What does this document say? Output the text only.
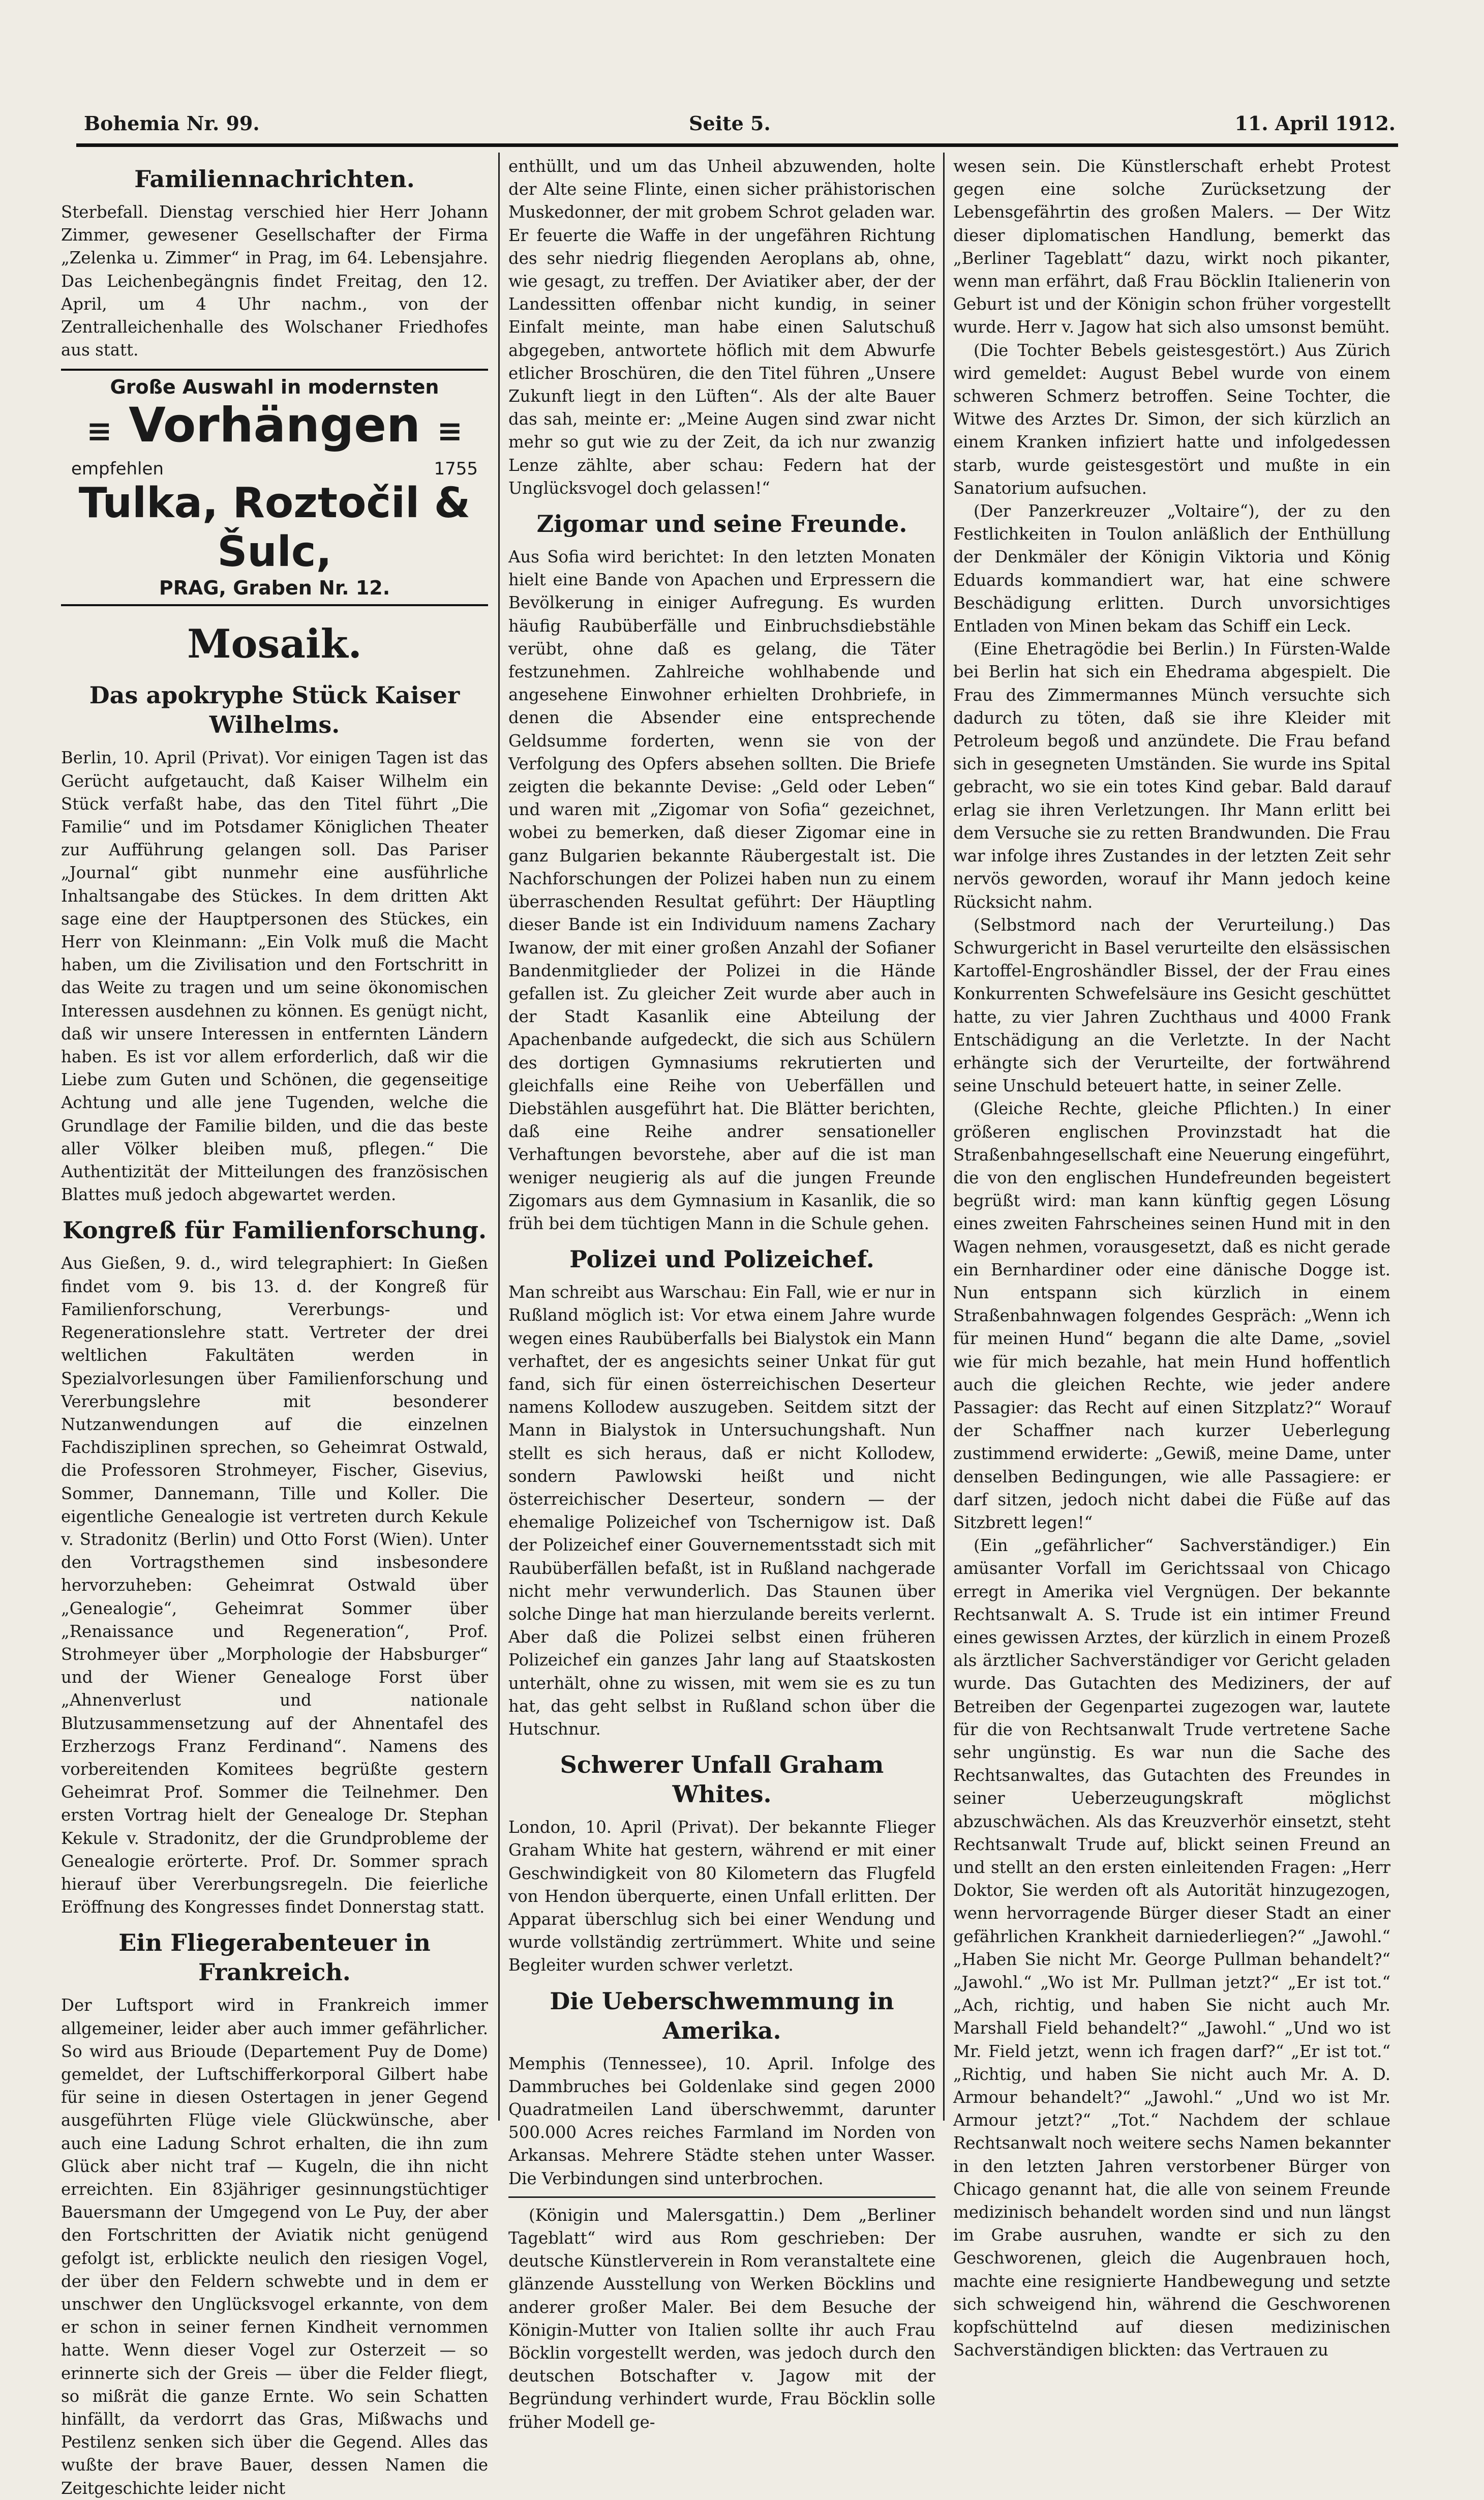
Bohemia Nr. 99.	Seite 5.	11. April 1912.
Familiennachrichten.

Sterbefall. Dienstag verschied hier Herr Johann Zimmer, gewesener Gesellschafter der Firma „Zelenka u. Zimmer“ in Prag, im 64. Lebensjahre. Das Leichenbegängnis findet Freitag, den 12. April, um 4 Uhr nachm., von der Zentralleichenhalle des Wolschaner Friedhofes aus statt.

Große Auswahl in modernsten
≡ Vorhängen ≡
empfehlen	1755
Tulka, Roztočil & Šulc,
PRAG, Graben Nr. 12.
Mosaik.
Das apokryphe Stück Kaiser Wilhelms.

Berlin, 10. April (Privat). Vor einigen Tagen ist das Gerücht aufgetaucht, daß Kaiser Wilhelm ein Stück verfaßt habe, das den Titel führt „Die Familie“ und im Potsdamer Königlichen Theater zur Aufführung gelangen soll. Das Pariser „Journal“ gibt nunmehr eine ausführliche Inhaltsangabe des Stückes. In dem dritten Akt sage eine der Hauptpersonen des Stückes, ein Herr von Kleinmann: „Ein Volk muß die Macht haben, um die Zivilisation und den Fortschritt in das Weite zu tragen und um seine ökonomischen Interessen ausdehnen zu können. Es genügt nicht, daß wir unsere Interessen in entfernten Ländern haben. Es ist vor allem erforderlich, daß wir die Liebe zum Guten und Schönen, die gegenseitige Achtung und alle jene Tugenden, welche die Grundlage der Familie bilden, und die das beste aller Völker bleiben muß, pflegen.“ Die Authentizität der Mitteilungen des französischen Blattes muß jedoch abgewartet werden.

Kongreß für Familienforschung.

Aus Gießen, 9. d., wird telegraphiert: In Gießen findet vom 9. bis 13. d. der Kongreß für Familienforschung, Vererbungs- und Regenerationslehre statt. Vertreter der drei weltlichen Fakultäten werden in Spezialvorlesungen über Familienforschung und Vererbungslehre mit besonderer Nutzanwendungen auf die einzelnen Fachdisziplinen sprechen, so Geheimrat Ostwald, die Professoren Strohmeyer, Fischer, Gisevius, Sommer, Dannemann, Tille und Koller. Die eigentliche Genealogie ist vertreten durch Kekule v. Stradonitz (Berlin) und Otto Forst (Wien). Unter den Vortragsthemen sind insbesondere hervorzuheben: Geheimrat Ostwald über „Genealogie“, Geheimrat Sommer über „Renaissance und Regeneration“, Prof. Strohmeyer über „Morphologie der Habsburger“ und der Wiener Genealoge Forst über „Ahnenverlust und nationale Blutzusammensetzung auf der Ahnentafel des Erzherzogs Franz Ferdinand“. Namens des vorbereitenden Komitees begrüßte gestern Geheimrat Prof. Sommer die Teilnehmer. Den ersten Vortrag hielt der Genealoge Dr. Stephan Kekule v. Stradonitz, der die Grundprobleme der Genealogie erörterte. Prof. Dr. Sommer sprach hierauf über Vererbungsregeln. Die feierliche Eröffnung des Kongresses findet Donnerstag statt.

Ein Fliegerabenteuer in Frankreich.

Der Luftsport wird in Frankreich immer allgemeiner, leider aber auch immer gefährlicher. So wird aus Brioude (Departement Puy de Dome) gemeldet, der Luftschifferkorporal Gilbert habe für seine in diesen Ostertagen in jener Gegend ausgeführten Flüge viele Glückwünsche, aber auch eine Ladung Schrot erhalten, die ihn zum Glück aber nicht traf — Kugeln, die ihn nicht erreichten. Ein 83jähriger gesinnungstüchtiger Bauersmann der Umgegend von Le Puy, der aber den Fortschritten der Aviatik nicht genügend gefolgt ist, erblickte neulich den riesigen Vogel, der über den Feldern schwebte und in dem er unschwer den Unglücksvogel erkannte, von dem er schon in seiner fernen Kindheit vernommen hatte. Wenn dieser Vogel zur Osterzeit — so erinnerte sich der Greis — über die Felder fliegt, so mißrät die ganze Ernte. Wo sein Schatten hinfällt, da verdorrt das Gras, Mißwachs und Pestilenz senken sich über die Gegend. Alles das wußte der brave Bauer, dessen Namen die Zeitgeschichte leider nicht

enthüllt, und um das Unheil abzuwenden, holte der Alte seine Flinte, einen sicher prähistorischen Muskedonner, der mit grobem Schrot geladen war. Er feuerte die Waffe in der ungefähren Richtung des sehr niedrig fliegenden Aeroplans ab, ohne, wie gesagt, zu treffen. Der Aviatiker aber, der der Landessitten offenbar nicht kundig, in seiner Einfalt meinte, man habe einen Salutschuß abgegeben, antwortete höflich mit dem Abwurfe etlicher Broschüren, die den Titel führen „Unsere Zukunft liegt in den Lüften“. Als der alte Bauer das sah, meinte er: „Meine Augen sind zwar nicht mehr so gut wie zu der Zeit, da ich nur zwanzig Lenze zählte, aber schau: Federn hat der Unglücksvogel doch gelassen!“

Zigomar und seine Freunde.

Aus Sofia wird berichtet: In den letzten Monaten hielt eine Bande von Apachen und Erpressern die Bevölkerung in einiger Aufregung. Es wurden häufig Raubüberfälle und Einbruchsdiebstähle verübt, ohne daß es gelang, die Täter festzunehmen. Zahlreiche wohlhabende und angesehene Einwohner erhielten Drohbriefe, in denen die Absender eine entsprechende Geldsumme forderten, wenn sie von der Verfolgung des Opfers absehen sollten. Die Briefe zeigten die bekannte Devise: „Geld oder Leben“ und waren mit „Zigomar von Sofia“ gezeichnet, wobei zu bemerken, daß dieser Zigomar eine in ganz Bulgarien bekannte Räubergestalt ist. Die Nachforschungen der Polizei haben nun zu einem überraschenden Resultat geführt: Der Häuptling dieser Bande ist ein Individuum namens Zachary Iwanow, der mit einer großen Anzahl der Sofianer Bandenmitglieder der Polizei in die Hände gefallen ist. Zu gleicher Zeit wurde aber auch in der Stadt Kasanlik eine Abteilung der Apachenbande aufgedeckt, die sich aus Schülern des dortigen Gymnasiums rekrutierten und gleichfalls eine Reihe von Ueberfällen und Diebstählen ausgeführt hat. Die Blätter berichten, daß eine Reihe andrer sensationeller Verhaftungen bevorstehe, aber auf die ist man weniger neugierig als auf die jungen Freunde Zigomars aus dem Gymnasium in Kasanlik, die so früh bei dem tüchtigen Mann in die Schule gehen.

Polizei und Polizeichef.

Man schreibt aus Warschau: Ein Fall, wie er nur in Rußland möglich ist: Vor etwa einem Jahre wurde wegen eines Raubüberfalls bei Bialystok ein Mann verhaftet, der es angesichts seiner Unkat für gut fand, sich für einen österreichischen Deserteur namens Kollodew auszugeben. Seitdem sitzt der Mann in Bialystok in Untersuchungshaft. Nun stellt es sich heraus, daß er nicht Kollodew, sondern Pawlowski heißt und nicht österreichischer Deserteur, sondern — der ehemalige Polizeichef von Tschernigow ist. Daß der Polizeichef einer Gouvernementsstadt sich mit Raubüberfällen befaßt, ist in Rußland nachgerade nicht mehr verwunderlich. Das Staunen über solche Dinge hat man hierzulande bereits verlernt. Aber daß die Polizei selbst einen früheren Polizeichef ein ganzes Jahr lang auf Staatskosten unterhält, ohne zu wissen, mit wem sie es zu tun hat, das geht selbst in Rußland schon über die Hutschnur.

Schwerer Unfall Graham Whites.

London, 10. April (Privat). Der bekannte Flieger Graham White hat gestern, während er mit einer Geschwindigkeit von 80 Kilometern das Flugfeld von Hendon überquerte, einen Unfall erlitten. Der Apparat überschlug sich bei einer Wendung und wurde vollständig zertrümmert. White und seine Begleiter wurden schwer verletzt.

Die Ueberschwemmung in Amerika.

Memphis (Tennessee), 10. April. Infolge des Dammbruches bei Goldenlake sind gegen 2000 Quadratmeilen Land überschwemmt, darunter 500.000 Acres reiches Farmland im Norden von Arkansas. Mehrere Städte stehen unter Wasser. Die Verbindungen sind unterbrochen.

(Königin und Malersgattin.) Dem „Berliner Tageblatt“ wird aus Rom geschrieben: Der deutsche Künstlerverein in Rom veranstaltete eine glänzende Ausstellung von Werken Böcklins und anderer großer Maler. Bei dem Besuche der Königin-Mutter von Italien sollte ihr auch Frau Böcklin vorgestellt werden, was jedoch durch den deutschen Botschafter v. Jagow mit der Begründung verhindert wurde, Frau Böcklin solle früher Modell ge-

wesen sein. Die Künstlerschaft erhebt Protest gegen eine solche Zurücksetzung der Lebensgefährtin des großen Malers. — Der Witz dieser diplomatischen Handlung, bemerkt das „Berliner Tageblatt“ dazu, wirkt noch pikanter, wenn man erfährt, daß Frau Böcklin Italienerin von Geburt ist und der Königin schon früher vorgestellt wurde. Herr v. Jagow hat sich also umsonst bemüht.

(Die Tochter Bebels geistesgestört.) Aus Zürich wird gemeldet: August Bebel wurde von einem schweren Schmerz betroffen. Seine Tochter, die Witwe des Arztes Dr. Simon, der sich kürzlich an einem Kranken infiziert hatte und infolgedessen starb, wurde geistesgestört und mußte in ein Sanatorium aufsuchen.

(Der Panzerkreuzer „Voltaire“), der zu den Festlichkeiten in Toulon anläßlich der Enthüllung der Denkmäler der Königin Viktoria und König Eduards kommandiert war, hat eine schwere Beschädigung erlitten. Durch unvorsichtiges Entladen von Minen bekam das Schiff ein Leck.

(Eine Ehetragödie bei Berlin.) In Fürsten-Walde bei Berlin hat sich ein Ehedrama abgespielt. Die Frau des Zimmermannes Münch versuchte sich dadurch zu töten, daß sie ihre Kleider mit Petroleum begoß und anzündete. Die Frau befand sich in gesegneten Umständen. Sie wurde ins Spital gebracht, wo sie ein totes Kind gebar. Bald darauf erlag sie ihren Verletzungen. Ihr Mann erlitt bei dem Versuche sie zu retten Brandwunden. Die Frau war infolge ihres Zustandes in der letzten Zeit sehr nervös geworden, worauf ihr Mann jedoch keine Rücksicht nahm.

(Selbstmord nach der Verurteilung.) Das Schwurgericht in Basel verurteilte den elsässischen Kartoffel-Engroshändler Bissel, der der Frau eines Konkurrenten Schwefelsäure ins Gesicht geschüttet hatte, zu vier Jahren Zuchthaus und 4000 Frank Entschädigung an die Verletzte. In der Nacht erhängte sich der Verurteilte, der fortwährend seine Unschuld beteuert hatte, in seiner Zelle.

(Gleiche Rechte, gleiche Pflichten.) In einer größeren englischen Provinzstadt hat die Straßenbahngesellschaft eine Neuerung eingeführt, die von den englischen Hundefreunden begeistert begrüßt wird: man kann künftig gegen Lösung eines zweiten Fahrscheines seinen Hund mit in den Wagen nehmen, vorausgesetzt, daß es nicht gerade ein Bernhardiner oder eine dänische Dogge ist. Nun entspann sich kürzlich in einem Straßenbahnwagen folgendes Gespräch: „Wenn ich für meinen Hund“ begann die alte Dame, „soviel wie für mich bezahle, hat mein Hund hoffentlich auch die gleichen Rechte, wie jeder andere Passagier: das Recht auf einen Sitzplatz?“ Worauf der Schaffner nach kurzer Ueberlegung zustimmend erwiderte: „Gewiß, meine Dame, unter denselben Bedingungen, wie alle Passagiere: er darf sitzen, jedoch nicht dabei die Füße auf das Sitzbrett legen!“

(Ein „gefährlicher“ Sachverständiger.) Ein amüsanter Vorfall im Gerichtssaal von Chicago erregt in Amerika viel Vergnügen. Der bekannte Rechtsanwalt A. S. Trude ist ein intimer Freund eines gewissen Arztes, der kürzlich in einem Prozeß als ärztlicher Sachverständiger vor Gericht geladen wurde. Das Gutachten des Mediziners, der auf Betreiben der Gegenpartei zugezogen war, lautete für die von Rechtsanwalt Trude vertretene Sache sehr ungünstig. Es war nun die Sache des Rechtsanwaltes, das Gutachten des Freundes in seiner Ueberzeugungskraft möglichst abzuschwächen. Als das Kreuzverhör einsetzt, steht Rechtsanwalt Trude auf, blickt seinen Freund an und stellt an den ersten einleitenden Fragen: „Herr Doktor, Sie werden oft als Autorität hinzugezogen, wenn hervorragende Bürger dieser Stadt an einer gefährlichen Krankheit darniederliegen?“ „Jawohl.“ „Haben Sie nicht Mr. George Pullman behandelt?“ „Jawohl.“ „Wo ist Mr. Pullman jetzt?“ „Er ist tot.“ „Ach, richtig, und haben Sie nicht auch Mr. Marshall Field behandelt?“ „Jawohl.“ „Und wo ist Mr. Field jetzt, wenn ich fragen darf?“ „Er ist tot.“ „Richtig, und haben Sie nicht auch Mr. A. D. Armour behandelt?“ „Jawohl.“ „Und wo ist Mr. Armour jetzt?“ „Tot.“ Nachdem der schlaue Rechtsanwalt noch weitere sechs Namen bekannter in den letzten Jahren verstorbener Bürger von Chicago genannt hat, die alle von seinem Freunde medizinisch behandelt worden sind und nun längst im Grabe ausruhen, wandte er sich zu den Geschworenen, gleich die Augenbrauen hoch, machte eine resignierte Handbewegung und setzte sich schweigend hin, während die Geschworenen kopfschüttelnd auf diesen medizinischen Sachverständigen blickten: das Vertrauen zu
